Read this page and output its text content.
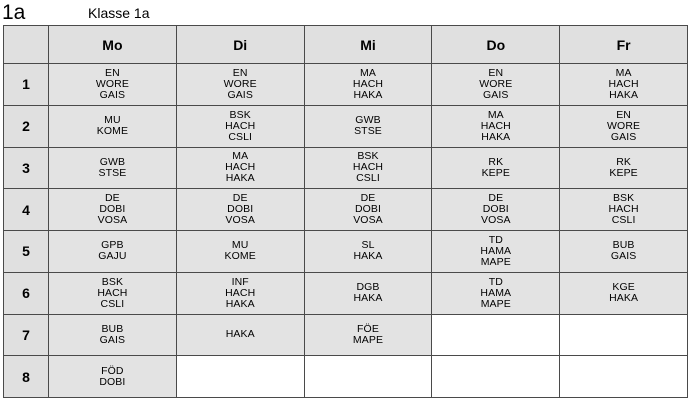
1a	Klasse 1a
	Mo	Di	Mi	Do	Fr
1	EN
WORE
GAIS	EN
WORE
GAIS	MA
HACH
HAKA	EN
WORE
GAIS	MA
HACH
HAKA

2	MU
KOME	BSK
HACH
CSLI	GWB
STSE	MA
HACH
HAKA	EN
WORE
GAIS

3	GWB
STSE	MA
HACH
HAKA	BSK
HACH
CSLI	RK
KEPE	RK
KEPE

4	DE
DOBI
VOSA	DE
DOBI
VOSA	DE
DOBI
VOSA	DE
DOBI
VOSA	BSK
HACH
CSLI

5	GPB
GAJU	MU
KOME	SL
HAKA	TD
HAMA
MAPE	BUB
GAIS

6	BSK
HACH
CSLI	INF
HACH
HAKA	DGB
HAKA	TD
HAMA
MAPE	KGE
HAKA

7	BUB
GAIS	HAKA	FÖE
MAPE		

8	FÖD
DOBI				
